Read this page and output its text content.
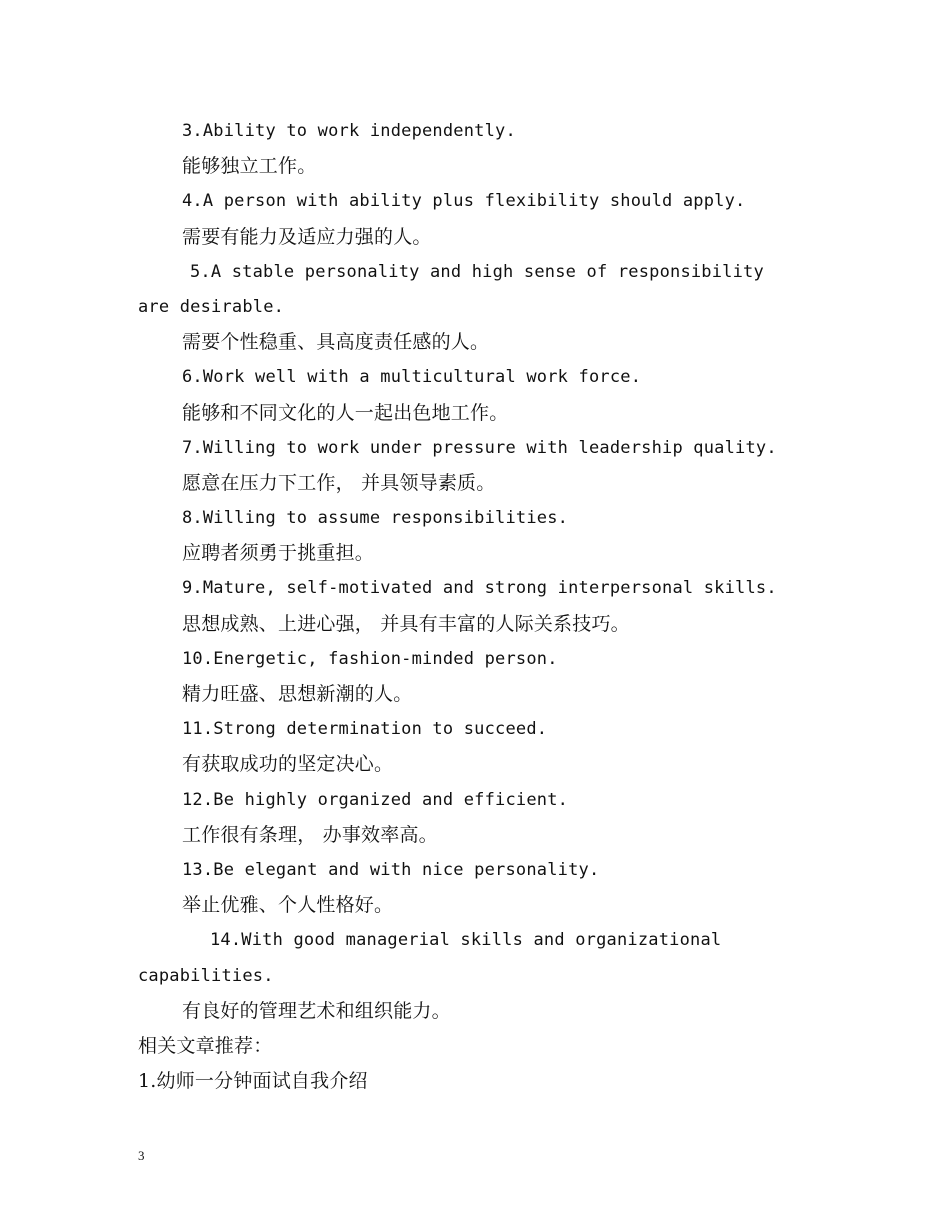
3.Ability to work independently.
能够独立工作。
4.A person with ability plus flexibility should apply.
需要有能力及适应力强的人。
5.A stable personality and high sense of responsibility
are desirable.
需要个性稳重、具高度责任感的人。
6.Work well with a multicultural work force.
能够和不同文化的人一起出色地工作。
7.Willing to work under pressure with leadership quality.
愿意在压力下工作， 并具领导素质。
8.Willing to assume responsibilities.
应聘者须勇于挑重担。
9.Mature, self-motivated and strong interpersonal skills.
思想成熟、上进心强， 并具有丰富的人际关系技巧。
10.Energetic, fashion-minded person.
精力旺盛、思想新潮的人。
11.Strong determination to succeed.
有获取成功的坚定决心。
12.Be highly organized and efficient.
工作很有条理， 办事效率高。
13.Be elegant and with nice personality.
举止优雅、个人性格好。
14.With good managerial skills and organizational
capabilities.
有良好的管理艺术和组织能力。
相关文章推荐：
1.幼师一分钟面试自我介绍
3
